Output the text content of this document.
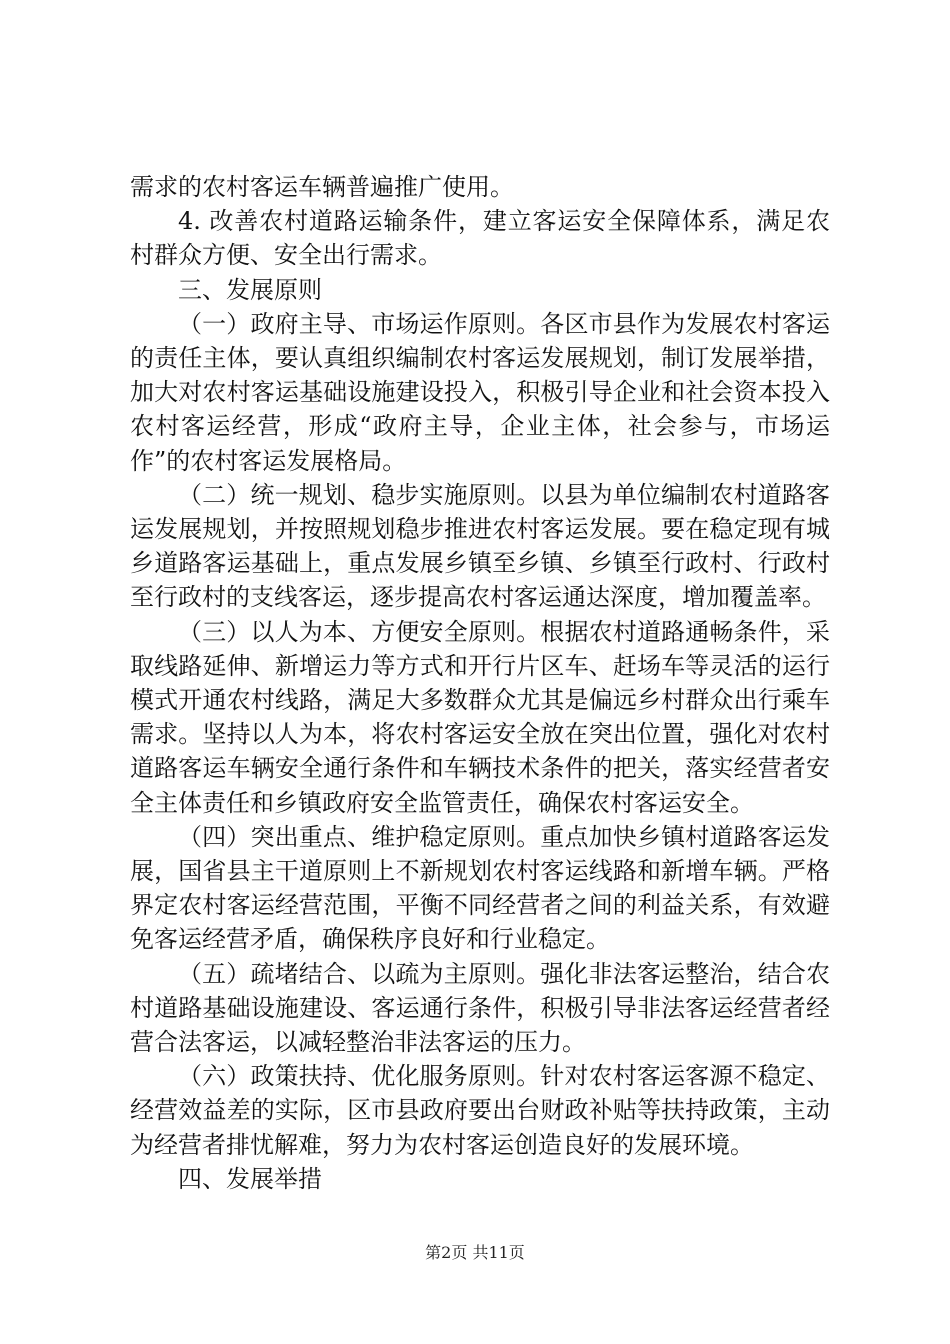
需求的农村客运车辆普遍推广使用。

4. 改善农村道路运输条件，建立客运安全保障体系，满足农村群众方便、安全出行需求。

三、发展原则

（一）政府主导、市场运作原则。各区市县作为发展农村客运的责任主体，要认真组织编制农村客运发展规划，制订发展举措，加大对农村客运基础设施建设投入，积极引导企业和社会资本投入农村客运经营，形成“政府主导，企业主体，社会参与，市场运作”的农村客运发展格局。

（二）统一规划、稳步实施原则。以县为单位编制农村道路客运发展规划，并按照规划稳步推进农村客运发展。要在稳定现有城乡道路客运基础上，重点发展乡镇至乡镇、乡镇至行政村、行政村至行政村的支线客运，逐步提高农村客运通达深度，增加覆盖率。

（三）以人为本、方便安全原则。根据农村道路通畅条件，采取线路延伸、新增运力等方式和开行片区车、赶场车等灵活的运行模式开通农村线路，满足大多数群众尤其是偏远乡村群众出行乘车需求。坚持以人为本，将农村客运安全放在突出位置，强化对农村道路客运车辆安全通行条件和车辆技术条件的把关，落实经营者安全主体责任和乡镇政府安全监管责任，确保农村客运安全。

（四）突出重点、维护稳定原则。重点加快乡镇村道路客运发展，国省县主干道原则上不新规划农村客运线路和新增车辆。严格界定农村客运经营范围，平衡不同经营者之间的利益关系，有效避免客运经营矛盾，确保秩序良好和行业稳定。

（五）疏堵结合、以疏为主原则。强化非法客运整治，结合农村道路基础设施建设、客运通行条件，积极引导非法客运经营者经营合法客运，以减轻整治非法客运的压力。

（六）政策扶持、优化服务原则。针对农村客运客源不稳定、经营效益差的实际，区市县政府要出台财政补贴等扶持政策，主动为经营者排忧解难，努力为农村客运创造良好的发展环境。

四、发展举措

第2页 共11页
